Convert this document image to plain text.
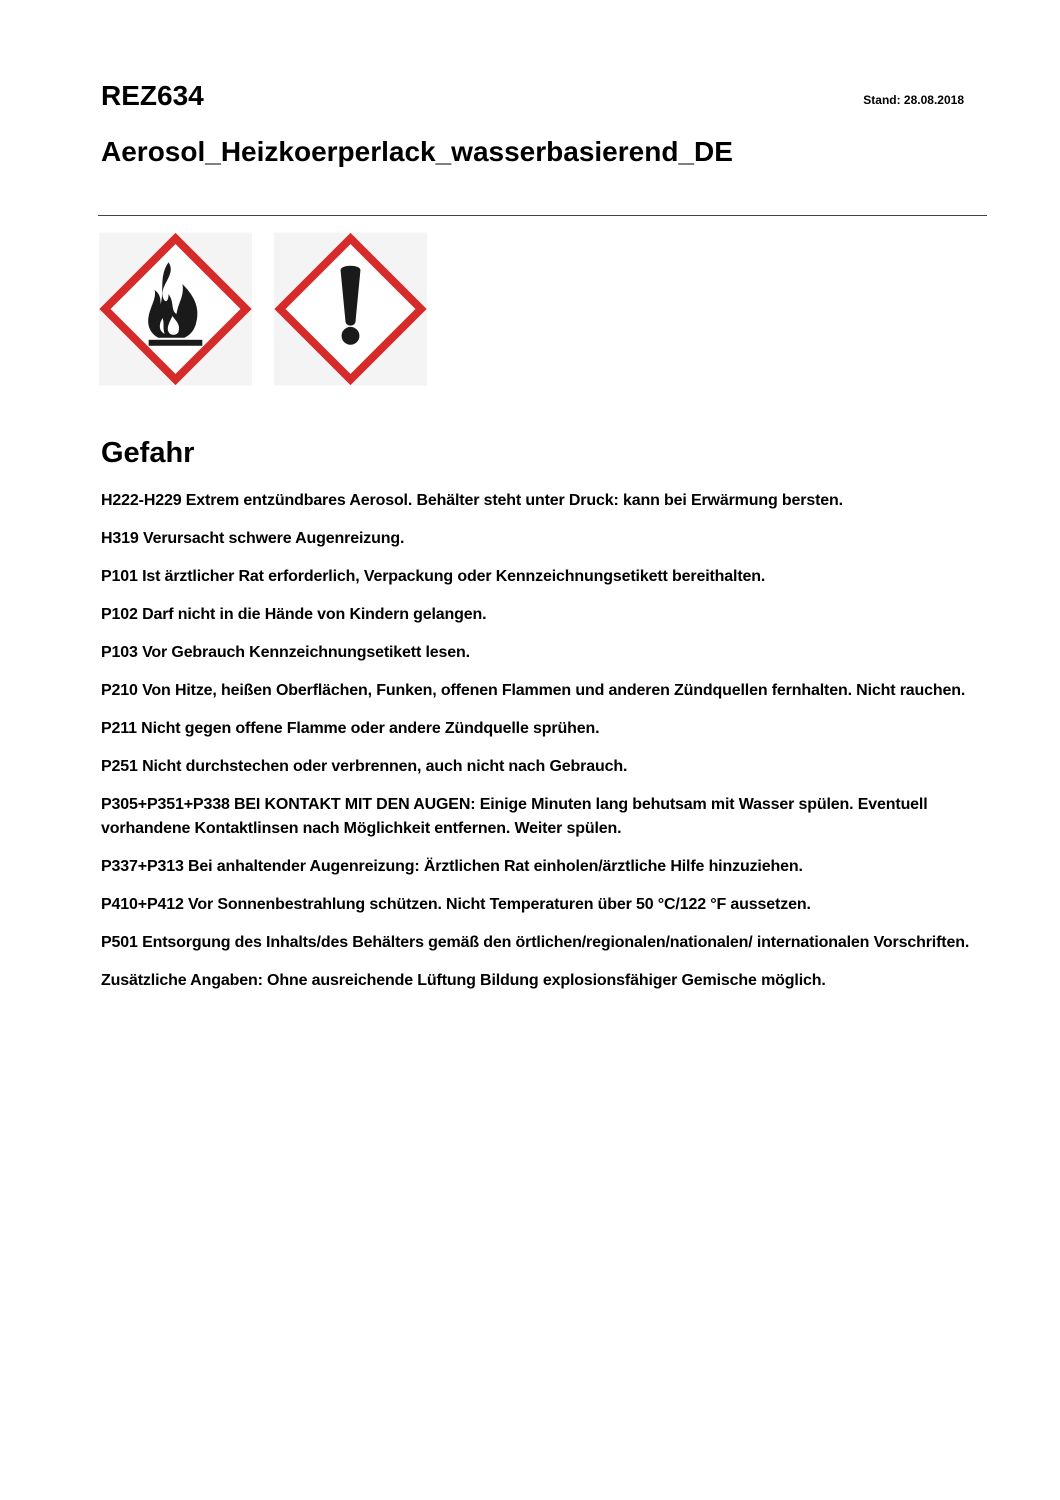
REZ634	Stand: 28.08.2018
Aerosol_Heizkoerperlack_wasserbasierend_DE
Gefahr
H222-H229 Extrem entzündbares Aerosol. Behälter steht unter Druck: kann bei Erwärmung bersten.
H319 Verursacht schwere Augenreizung.
P101 Ist ärztlicher Rat erforderlich, Verpackung oder Kennzeichnungsetikett bereithalten.
P102 Darf nicht in die Hände von Kindern gelangen.
P103 Vor Gebrauch Kennzeichnungsetikett lesen.
P210 Von Hitze, heißen Oberflächen, Funken, offenen Flammen und anderen Zündquellen fernhalten. Nicht rauchen.
P211 Nicht gegen offene Flamme oder andere Zündquelle sprühen.
P251 Nicht durchstechen oder verbrennen, auch nicht nach Gebrauch.
P305+P351+P338 BEI KONTAKT MIT DEN AUGEN: Einige Minuten lang behutsam mit Wasser spülen. Eventuell vorhandene Kontaktlinsen nach Möglichkeit entfernen. Weiter spülen.
P337+P313 Bei anhaltender Augenreizung: Ärztlichen Rat einholen/ärztliche Hilfe hinzuziehen.
P410+P412 Vor Sonnenbestrahlung schützen. Nicht Temperaturen über 50 °C/122 °F aussetzen.
P501 Entsorgung des Inhalts/des Behälters gemäß den örtlichen/regionalen/nationalen/ internationalen Vorschriften.
Zusätzliche Angaben: Ohne ausreichende Lüftung Bildung explosionsfähiger Gemische möglich.
